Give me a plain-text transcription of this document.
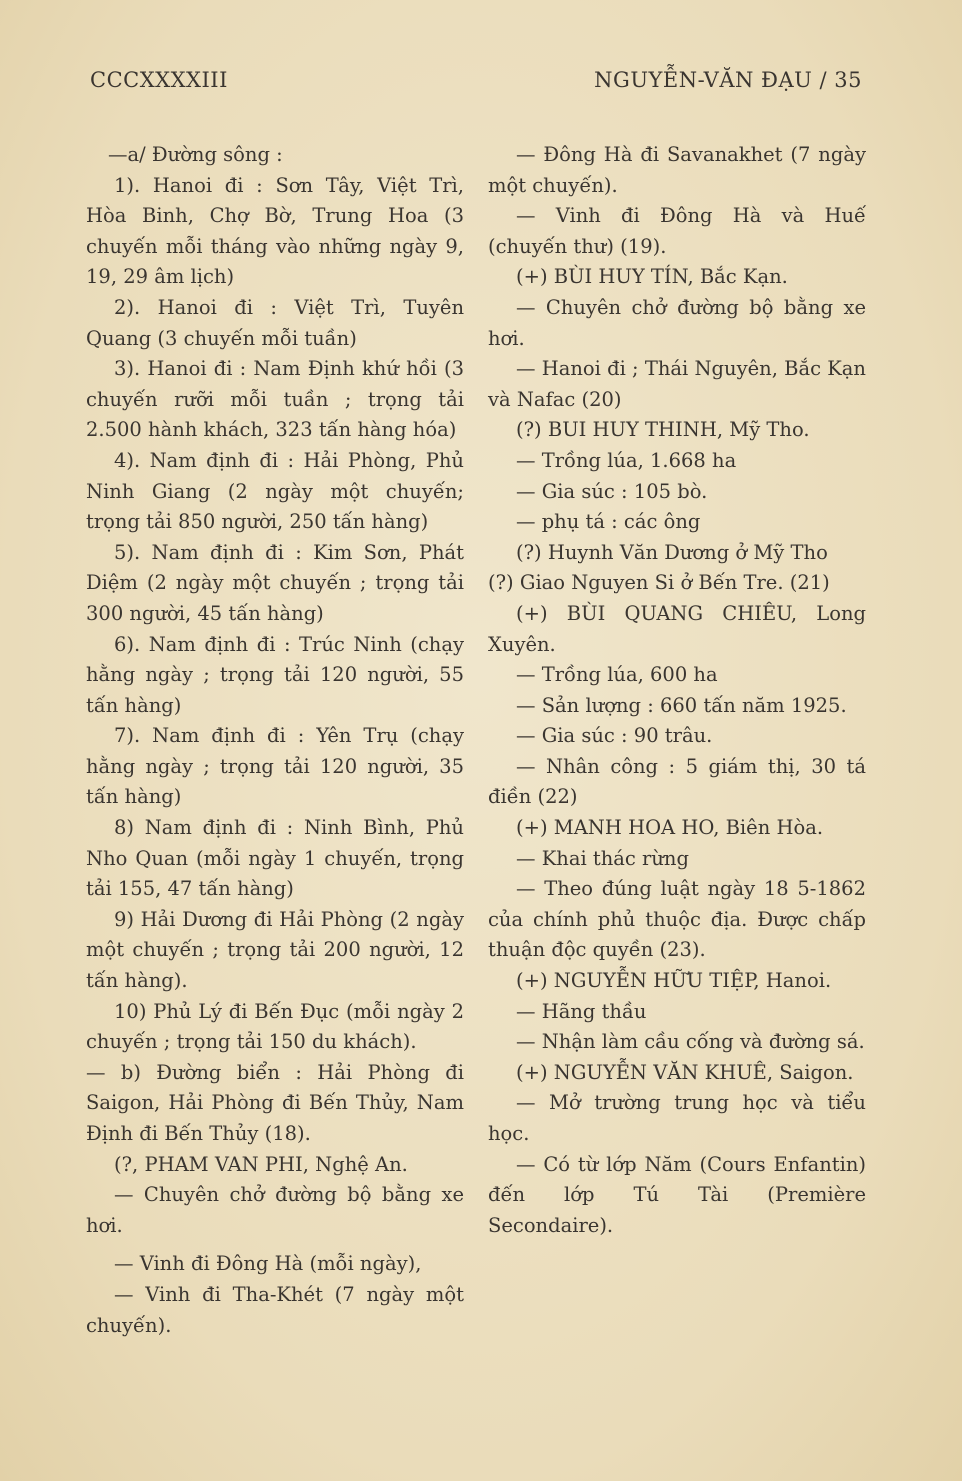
CCCXXXXIII	NGUYỄN-VĂN ĐẠU / 35

—a/ Đường sông :

1). Hanoi đi : Sơn Tây, Việt Trì, Hòa Binh, Chợ Bờ, Trung Hoa (3 chuyến mỗi tháng vào những ngày 9, 19, 29 âm lịch)

2). Hanoi đi : Việt Trì, Tuyên Quang (3 chuyến mỗi tuần)

3). Hanoi đi : Nam Định khứ hồi (3 chuyến rưỡi mỗi tuần ; trọng tải 2.500 hành khách, 323 tấn hàng hóa)

4). Nam định đi : Hải Phòng, Phủ Ninh Giang (2 ngày một chuyến; trọng tải 850 người, 250 tấn hàng)

5). Nam định đi : Kim Sơn, Phát Diệm (2 ngày một chuyến ; trọng tải 300 người, 45 tấn hàng)

6). Nam định đi : Trúc Ninh (chạy hằng ngày ; trọng tải 120 người, 55 tấn hàng)

7). Nam định đi : Yên Trụ (chạy hằng ngày ; trọng tải 120 người, 35 tấn hàng)

8) Nam định đi : Ninh Bình, Phủ Nho Quan (mỗi ngày 1 chuyến, trọng tải 155, 47 tấn hàng)

9) Hải Dương đi Hải Phòng (2 ngày một chuyến ; trọng tải 200 người, 12 tấn hàng).

10) Phủ Lý đi Bến Đục (mỗi ngày 2 chuyến ; trọng tải 150 du khách).

— b) Đường biển : Hải Phòng đi Saigon, Hải Phòng đi Bến Thủy, Nam Định đi Bến Thủy (18).

(?, PHAM VAN PHI, Nghệ An.

— Chuyên chở đường bộ bằng xe hơi.

— Vinh đi Đông Hà (mỗi ngày),

— Vinh đi Tha-Khét (7 ngày một chuyến).

— Đông Hà đi Savanakhet (7 ngày một chuyến).

— Vinh đi Đông Hà và Huế (chuyến thư) (19).

(+) BÙI HUY TÍN, Bắc Kạn.

— Chuyên chở đường bộ bằng xe hơi.

— Hanoi đi ; Thái Nguyên, Bắc Kạn và Nafac (20)

(?) BUI HUY THINH, Mỹ Tho.

— Trồng lúa, 1.668 ha

— Gia súc : 105 bò.

— phụ tá : các ông

(?) Huynh Văn Dương ở Mỹ Tho

(?) Giao Nguyen Si ở Bến Tre. (21)

(+) BÙI QUANG CHIÊU, Long Xuyên.

— Trồng lúa, 600 ha

— Sản lượng : 660 tấn năm 1925.

— Gia súc : 90 trâu.

— Nhân công : 5 giám thị, 30 tá điền (22)

(+) MANH HOA HO, Biên Hòa.

— Khai thác rừng

— Theo đúng luật ngày 18 5-1862 của chính phủ thuộc địa. Được chấp thuận độc quyền (23).

(+) NGUYỄN HỮU TIỆP, Hanoi.

— Hãng thầu

— Nhận làm cầu cống và đường sá.

(+) NGUYỄN VĂN KHUÊ, Saigon.

— Mở trường trung học và tiểu học.

— Có từ lớp Năm (Cours Enfantin) đến lớp Tú Tài (Première Secondaire).
